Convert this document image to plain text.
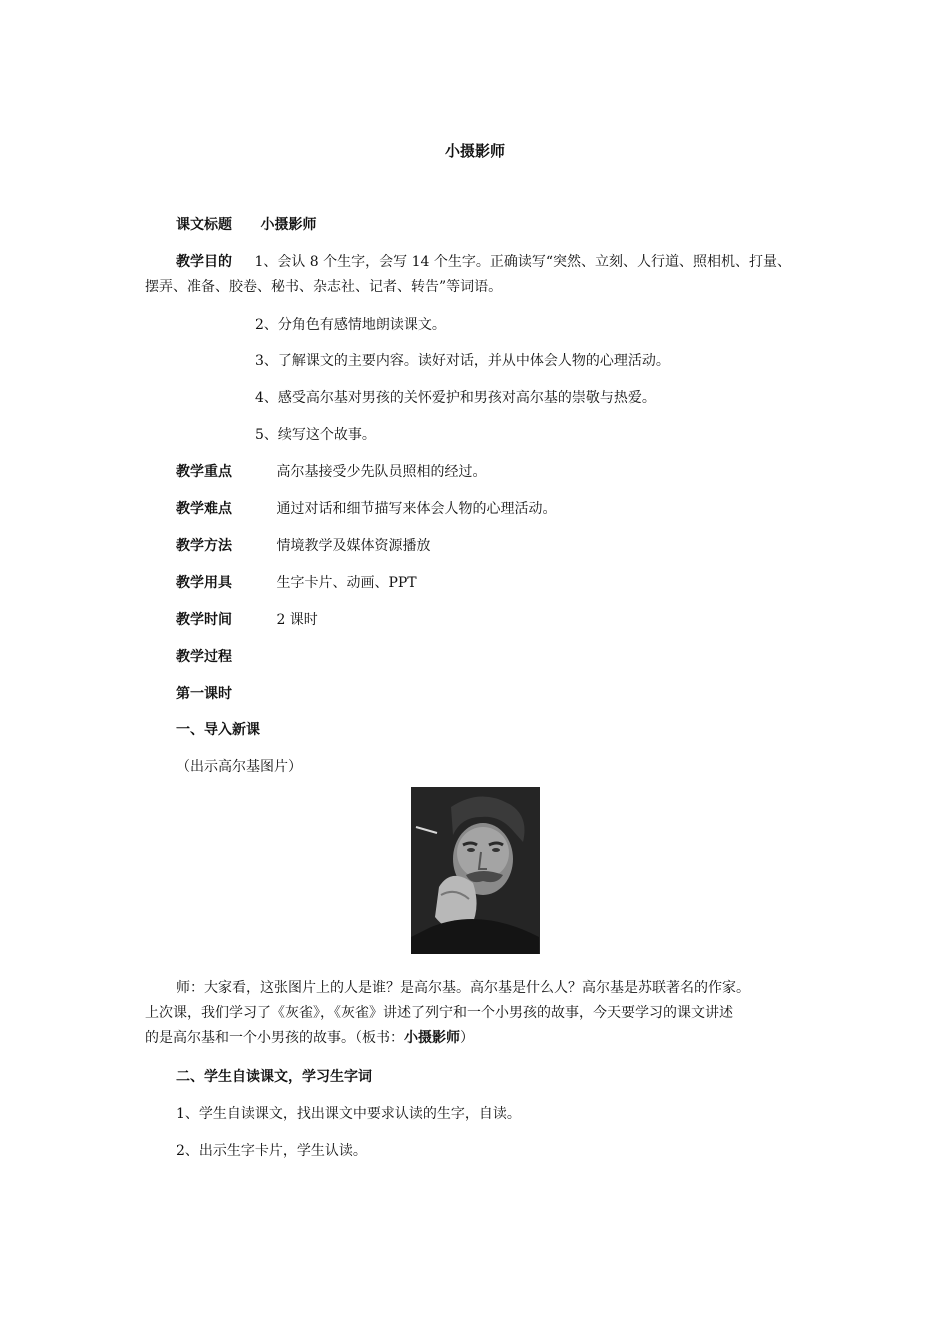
小摄影师
课文标题 小摄影师
教学目的 1、会认 8 个生字，会写 14 个生字。正确读写“突然、立刻、人行道、照相机、打量、
摆弄、准备、胶卷、秘书、杂志社、记者、转告”等词语。
2、分角色有感情地朗读课文。
3、了解课文的主要内容。读好对话，并从中体会人物的心理活动。
4、感受高尔基对男孩的关怀爱护和男孩对高尔基的崇敬与热爱。
5、续写这个故事。
教学重点	高尔基接受少先队员照相的经过。
教学难点	通过对话和细节描写来体会人物的心理活动。
教学方法	情境教学及媒体资源播放
教学用具	生字卡片、动画、PPT
教学时间	2 课时
教学过程
第一课时
一、导入新课
（出示高尔基图片）
师：大家看，这张图片上的人是谁？是高尔基。高尔基是什么人？高尔基是苏联著名的作家。
上次课，我们学习了《灰雀》，《灰雀》讲述了列宁和一个小男孩的故事，今天要学习的课文讲述
的是高尔基和一个小男孩的故事。（板书：小摄影师）
二、学生自读课文，学习生字词
1、学生自读课文，找出课文中要求认读的生字，自读。
2、出示生字卡片，学生认读。
